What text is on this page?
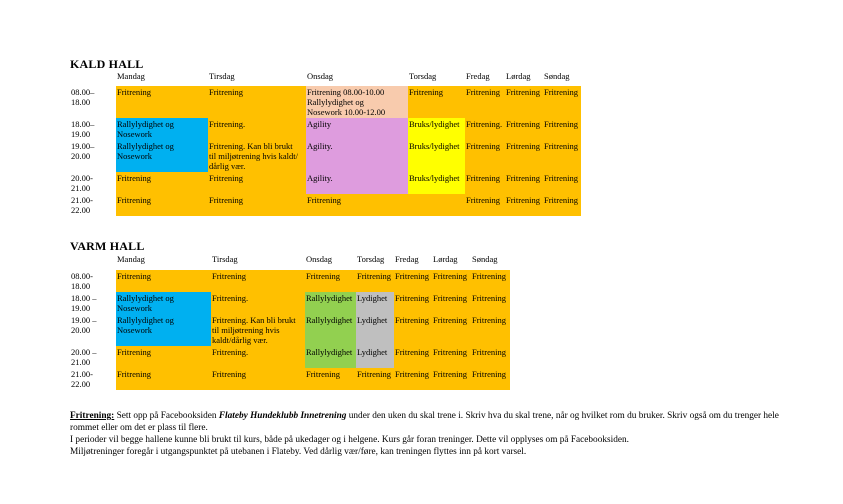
KALD HALL
	Mandag	Tirsdag	Onsdag	Torsdag	Fredag	Lørdag	Søndag
08.00–
18.00	Fritrening	Fritrening	Fritrening 08.00-10.00
Rallylydighet og
Nosework 10.00-12.00	Fritrening	Fritrening	Fritrening	Fritrening
18.00–
19.00	Rallylydighet og
Nosework	Fritrening.	Agility	Bruks/lydighet	Fritrening.	Fritrening	Fritrening
19.00–
20.00	Rallylydighet og
Nosework	Fritrening. Kan bli brukt
til miljøtrening hvis kaldt/
dårlig vær.	Agility.	Bruks/lydighet	Fritrening	Fritrening	Fritrening
20.00-
21.00	Fritrening	Fritrening	Agility.	Bruks/lydighet	Fritrening	Fritrening	Fritrening
21.00-
22.00	Fritrening	Fritrening	Fritrening		Fritrening	Fritrening	Fritrening
VARM HALL
	Mandag	Tirsdag	Onsdag	Torsdag	Fredag	Lørdag	Søndag
08.00-
18.00	Fritrening	Fritrening	Fritrening	Fritrening	Fritrening	Fritrening	Fritrening
18.00 –
19.00	Rallylydighet og
Nosework	Fritrening.	Rallylydighet	Lydighet	Fritrening	Fritrening	Fritrening
19.00 –
20.00	Rallylydighet og
Nosework	Fritrening. Kan bli brukt
til miljøtrening hvis
kaldt/dårlig vær.	Rallylydighet	Lydighet	Fritrening	Fritrening	Fritrening
20.00 –
21.00	Fritrening	Fritrening.	Rallylydighet	Lydighet	Fritrening	Fritrening	Fritrening
21.00-
22.00	Fritrening	Fritrening	Fritrening	Fritrening	Fritrening	Fritrening	Fritrening

Fritrening: Sett opp på Facebooksiden Flateby Hundeklubb Innetrening under den uken du skal trene i. Skriv hva du skal trene, når og hvilket rom du bruker. Skriv også om du trenger hele rommet eller om det er plass til flere.

I perioder vil begge hallene kunne bli brukt til kurs, både på ukedager og i helgene. Kurs går foran treninger. Dette vil opplyses om på Facebooksiden.

Miljøtreninger foregår i utgangspunktet på utebanen i Flateby. Ved dårlig vær/føre, kan treningen flyttes inn på kort varsel.
